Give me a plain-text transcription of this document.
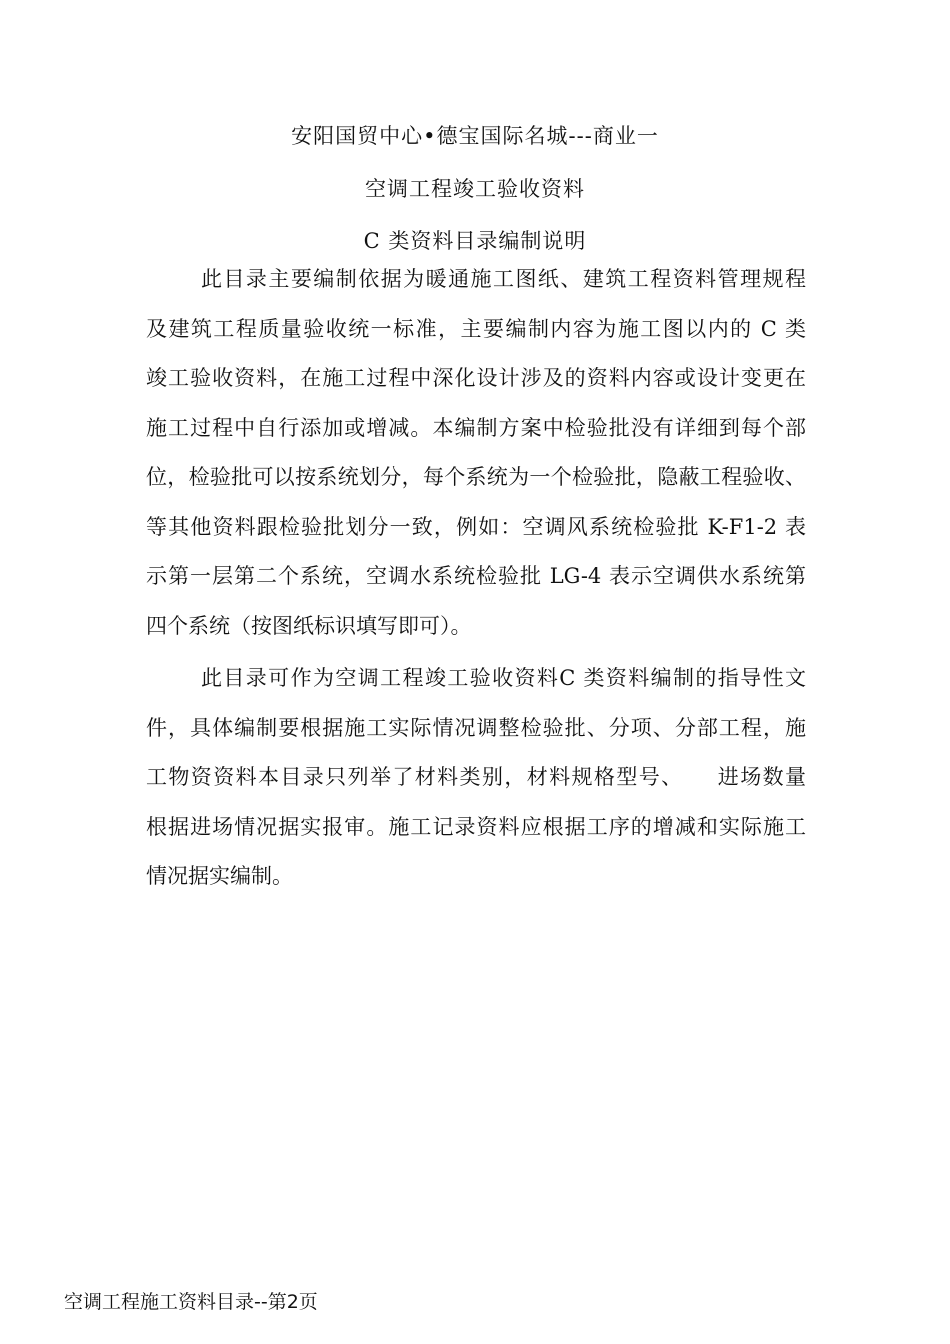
安阳国贸中心•德宝国际名城---商业一
空调工程竣工验收资料
C 类资料目录编制说明
此目录主要编制依据为暖通施工图纸、建筑工程资料管理规程
及建筑工程质量验收统一标准，主要编制内容为施工图以内的 C 类
竣工验收资料，在施工过程中深化设计涉及的资料内容或设计变更在
施工过程中自行添加或增减。本编制方案中检验批没有详细到每个部
位，检验批可以按系统划分，每个系统为一个检验批，隐蔽工程验收、
等其他资料跟检验批划分一致，例如：空调风系统检验批 K-F1-2 表
示第一层第二个系统，空调水系统检验批 LG-4 表示空调供水系统第
四个系统（按图纸标识填写即可）。
此目录可作为空调工程竣工验收资料C 类资料编制的指导性文
件，具体编制要根据施工实际情况调整检验批、分项、分部工程，施
工物资资料本目录只列举了材料类别，材料规格型号、　　进场数量
根据进场情况据实报审。施工记录资料应根据工序的增减和实际施工
情况据实编制。
空调工程施工资料目录--第2页
